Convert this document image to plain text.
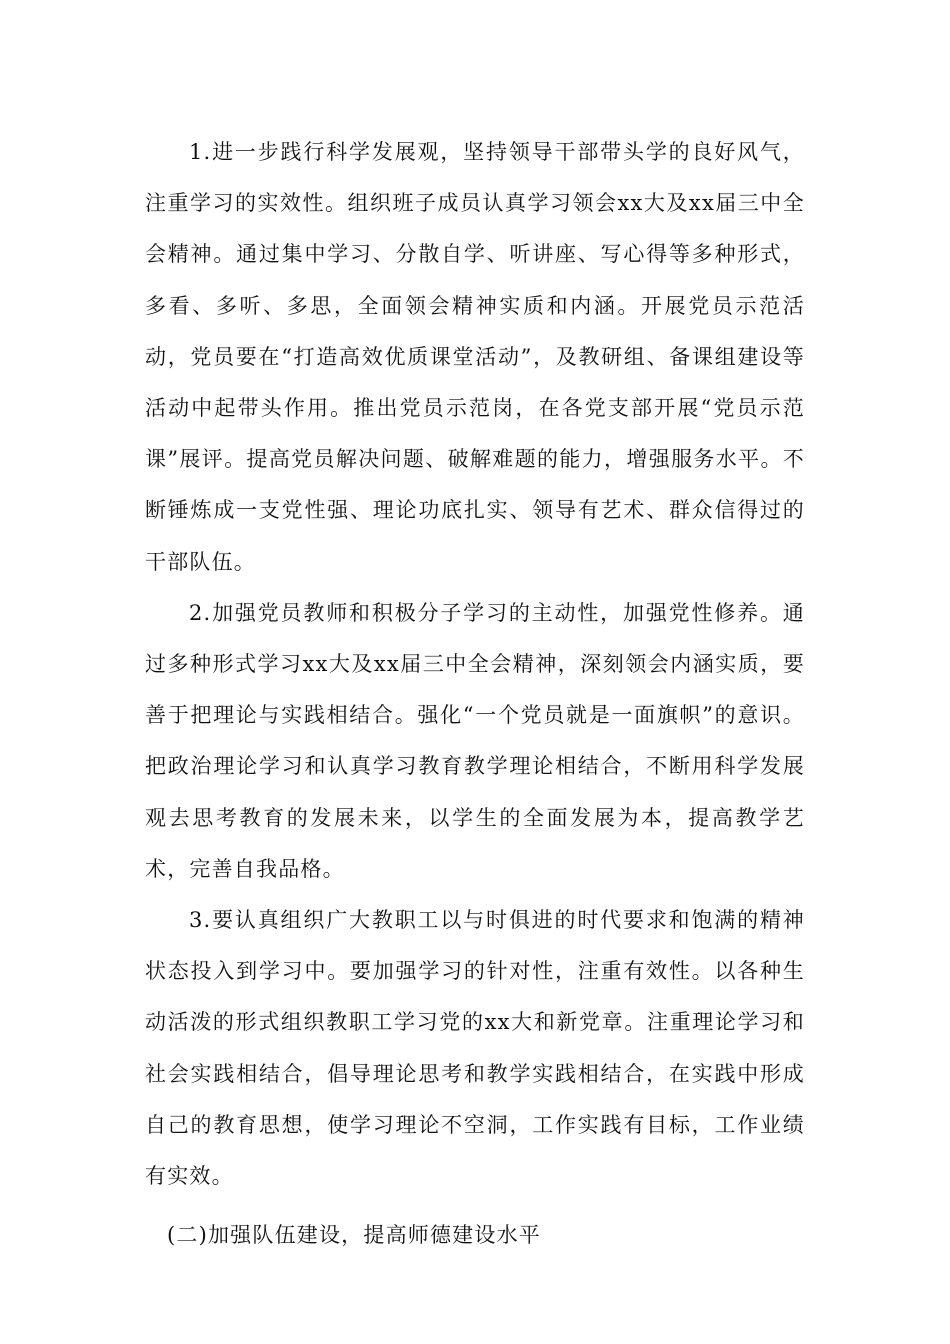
1.进一步践行科学发展观，坚持领导干部带头学的良好风气，注重学习的实效性。组织班子成员认真学习领会xx大及xx届三中全会精神。通过集中学习、分散自学、听讲座、写心得等多种形式，多看、多听、多思，全面领会精神实质和内涵。开展党员示范活动，党员要在“打造高效优质课堂活动”，及教研组、备课组建设等活动中起带头作用。推出党员示范岗，在各党支部开展“党员示范课”展评。提高党员解决问题、破解难题的能力，增强服务水平。不断锤炼成一支党性强、理论功底扎实、领导有艺术、群众信得过的干部队伍。

2.加强党员教师和积极分子学习的主动性，加强党性修养。通过多种形式学习xx大及xx届三中全会精神，深刻领会内涵实质，要善于把理论与实践相结合。强化“一个党员就是一面旗帜”的意识。把政治理论学习和认真学习教育教学理论相结合，不断用科学发展观去思考教育的发展未来，以学生的全面发展为本，提高教学艺术，完善自我品格。

3.要认真组织广大教职工以与时俱进的时代要求和饱满的精神状态投入到学习中。要加强学习的针对性，注重有效性。以各种生动活泼的形式组织教职工学习党的xx大和新党章。注重理论学习和社会实践相结合，倡导理论思考和教学实践相结合，在实践中形成自己的教育思想，使学习理论不空洞，工作实践有目标，工作业绩有实效。

(二)加强队伍建设，提高师德建设水平
